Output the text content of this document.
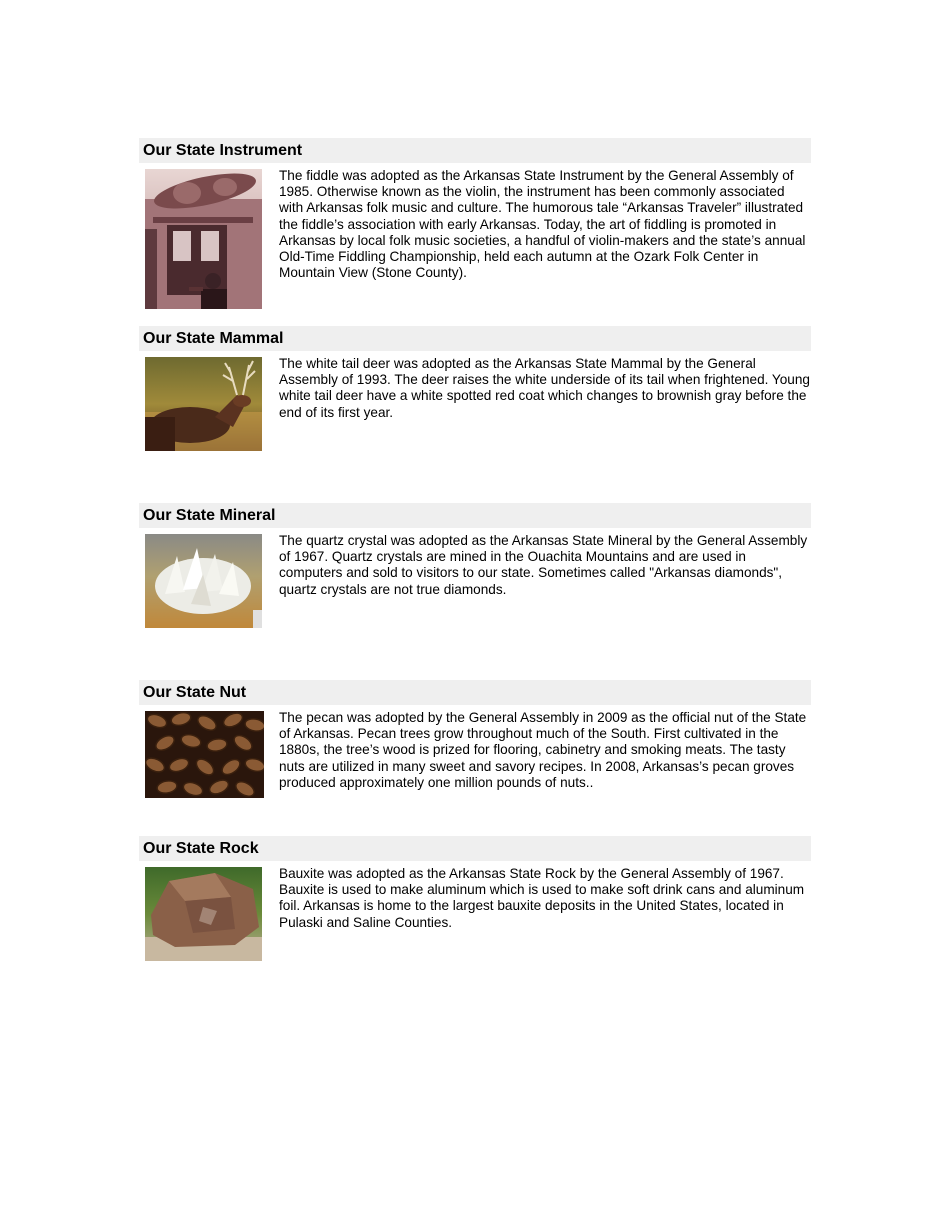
Our State Instrument
The fiddle was adopted as the Arkansas State Instrument by the General Assembly of 1985. Otherwise known as the violin, the instrument has been commonly associated with Arkansas folk music and culture. The humorous tale “Arkansas Traveler” illustrated the fiddle’s association with early Arkansas. Today, the art of fiddling is promoted in Arkansas by local folk music societies, a handful of violin-makers and the state’s annual Old-Time Fiddling Championship, held each autumn at the Ozark Folk Center in Mountain View (Stone County).
Our State Mammal
The white tail deer was adopted as the Arkansas State Mammal by the General Assembly of 1993. The deer raises the white underside of its tail when frightened. Young white tail deer have a white spotted red coat which changes to brownish gray before the end of its first year.
Our State Mineral
The quartz crystal was adopted as the Arkansas State Mineral by the General Assembly of 1967. Quartz crystals are mined in the Ouachita Mountains and are used in computers and sold to visitors to our state. Sometimes called "Arkansas diamonds", quartz crystals are not true diamonds.
Our State Nut
The pecan was adopted by the General Assembly in 2009 as the official nut of the State of Arkansas. Pecan trees grow throughout much of the South. First cultivated in the 1880s, the tree’s wood is prized for flooring, cabinetry and smoking meats. The tasty nuts are utilized in many sweet and savory recipes. In 2008, Arkansas’s pecan groves produced approximately one million pounds of nuts..
Our State Rock
Bauxite was adopted as the Arkansas State Rock by the General Assembly of 1967. Bauxite is used to make aluminum which is used to make soft drink cans and aluminum foil. Arkansas is home to the largest bauxite deposits in the United States, located in Pulaski and Saline Counties.
